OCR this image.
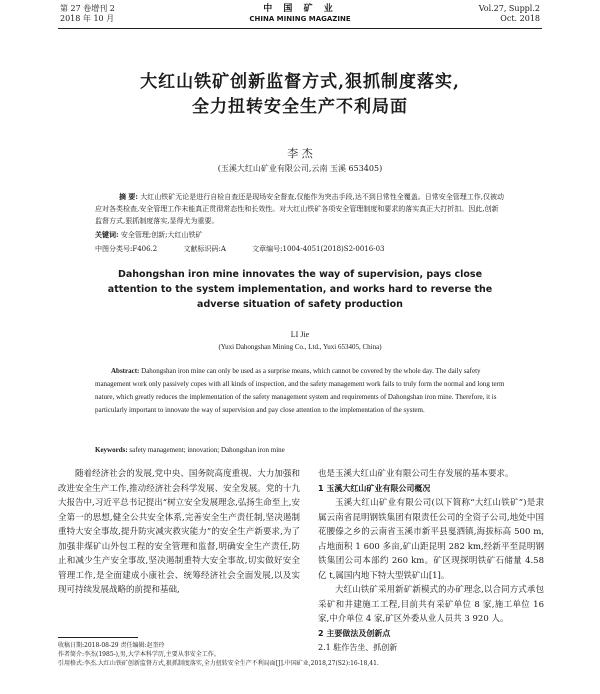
第 27 卷增刊 2
2018 年 10 月
中 国 矿 业
CHINA MINING MAGAZINE
Vol.27, Suppl.2
Oct. 2018
大红山铁矿创新监督方式,狠抓制度落实,
全力扭转安全生产不利局面
李 杰
(玉溪大红山矿业有限公司,云南 玉溪 653405)
摘 要: 大红山铁矿无论是进行自检自查还是现场安全督查,仅能作为突击手段,达不到日常性全覆盖。日常安全管理工作,仅被动应对各类检查,安全管理工作未能真正贯彻常态性和长效性。对大红山铁矿各项安全管理制度和要求的落实真正大打折扣。因此,创新监督方式,狠抓制度落实,显得尤为重要。
关键词: 安全管理;创新;大红山铁矿
中图分类号:F406.2	文献标识码:A	文章编号:1004-4051(2018)S2-0016-03
Dahongshan iron mine innovates the way of supervision, pays close attention to the system implementation, and works hard to reverse the adverse situation of safety production
LI Jie
(Yuxi Dahongshan Mining Co., Ltd., Yuxi 653405, China)
Abstract: Dahongshan iron mine can only be used as a surprise means, which cannot be covered by the whole day. The daily safety management work only passively copes with all kinds of inspection, and the safety management work fails to truly form the normal and long term nature, which greatly reduces the implementation of the safety management system and requirements of Dahongshan iron mine. Therefore, it is particularly important to innovate the way of supervision and pay close attention to the implementation of the system.
Keywords: safety management; innovation; Dahongshan iron mine

随着经济社会的发展,党中央、国务院高度重视、大力加强和改进安全生产工作,推动经济社会科学发展、安全发展。党的十九大报告中,习近平总书记提出“树立安全发展理念,弘扬生命至上,安全第一的思想,健全公共安全体系,完善安全生产责任制,坚决遏制重特大安全事故,提升防灾减灾救灾能力”的安全生产新要求,为了加强非煤矿山外包工程的安全管理和监督,明确安全生产责任,防止和减少生产安全事故,坚决遏制重特大安全事故,切实做好安全管理工作,是全面建成小康社会、统筹经济社会全面发展,以及实现可持续发展战略的前提和基础,

也是玉溪大红山矿业有限公司生存发展的基本要求。

1 玉溪大红山矿业有限公司概况

玉溪大红山矿业有限公司(以下简称“大红山铁矿”)是隶属云南省昆明钢铁集团有限责任公司的全资子公司,地处中国花腰傣之乡的云南省玉溪市新平县戛洒镇,海拔标高 500 m,占地面积 1 600 多亩,矿山距昆明 282 km,经新平至昆明钢铁集团公司本部约 260 km。矿区现探明铁矿石储量 4.58 亿 t,属国内地下特大型铁矿山[1]。

大红山铁矿采用新矿新模式的办矿理念,以合同方式承包采矿和井建施工工程,目前共有采矿单位 8 家,施工单位 16 家,中介单位 4 家,矿区外委从业人员共 3 920 人。

2 主要做法及创新点

2.1 駐作告坐、抓创新

收稿日期:2018-08-29 责任编辑:赵奎玲
作者简介:李杰(1985-),男,大学本科学历,主要从事安全工作。
引用格式:李杰.大红山铁矿创新监督方式,狠抓制度落实,全力扭转安全生产不利局面[J].中国矿业,2018,27(S2):16-18,41.
